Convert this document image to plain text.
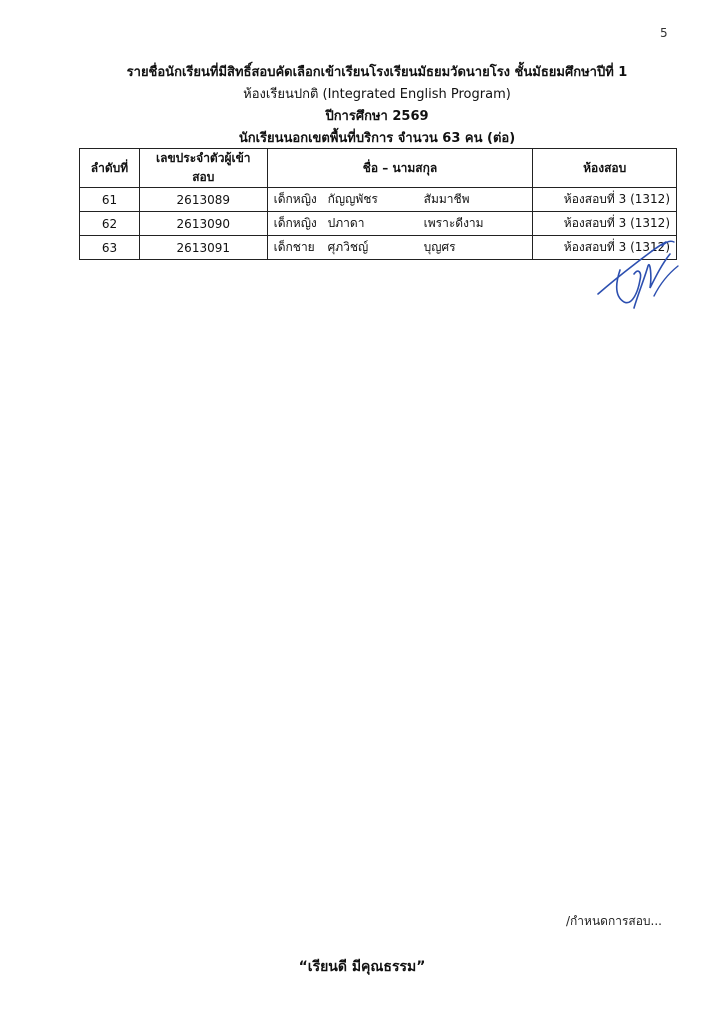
5
รายชื่อนักเรียนที่มีสิทธิ์สอบคัดเลือกเข้าเรียนโรงเรียนมัธยมวัดนายโรง ชั้นมัธยมศึกษาปีที่ 1
ห้องเรียนปกติ (Integrated English Program)
ปีการศึกษา 2569
นักเรียนนอกเขตพื้นที่บริการ จำนวน 63 คน (ต่อ)
ลำดับที่	เลขประจำตัวผู้เข้าสอบ	ชื่อ – นามสกุล	ห้องสอบ
61	2613089	เด็กหญิง กัญญพัชร สัมมาชีพ	ห้องสอบที่ 3 (1312)
62	2613090	เด็กหญิง ปภาดา เพราะดีงาม	ห้องสอบที่ 3 (1312)
63	2613091	เด็กชาย ศุภวิชญ์ บุญศร	ห้องสอบที่ 3 (1312)
/กำหนดการสอบ...
“เรียนดี มีคุณธรรม”
